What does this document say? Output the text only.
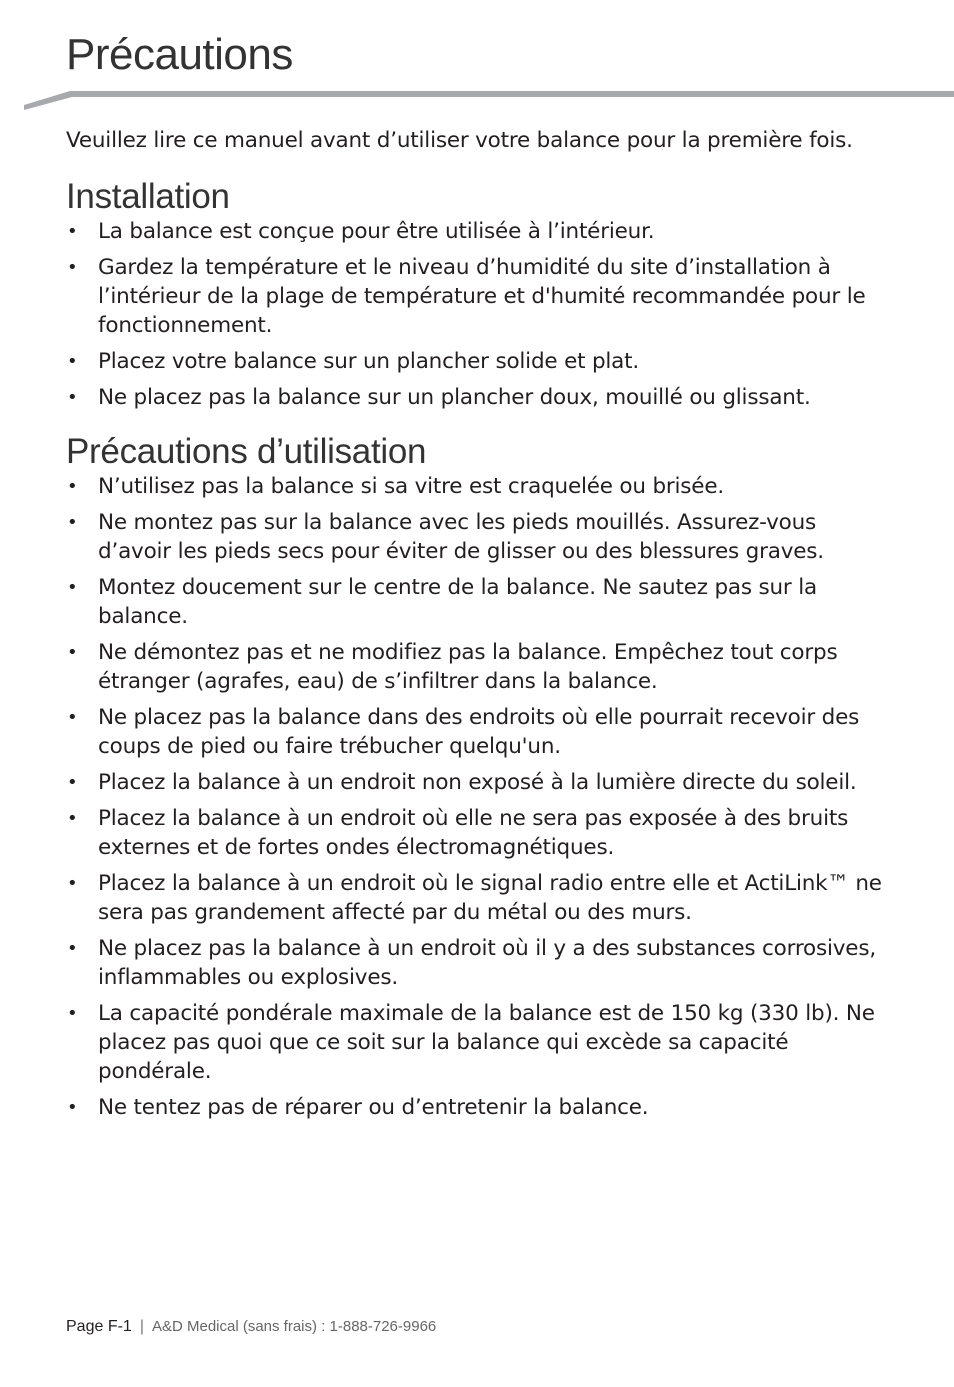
Précautions

Veuillez lire ce manuel avant d’utiliser votre balance pour la première fois.

Installation
• La balance est conçue pour être utilisée à l’intérieur.
• Gardez la température et le niveau d’humidité du site d’installation à l’intérieur de la plage de température et d'humité recommandée pour le fonctionnement.
• Placez votre balance sur un plancher solide et plat.
• Ne placez pas la balance sur un plancher doux, mouillé ou glissant.
Précautions d’utilisation
• N’utilisez pas la balance si sa vitre est craquelée ou brisée.
• Ne montez pas sur la balance avec les pieds mouillés. Assurez-vous d’avoir les pieds secs pour éviter de glisser ou des blessures graves.
• Montez doucement sur le centre de la balance. Ne sautez pas sur la balance.
• Ne démontez pas et ne modifiez pas la balance. Empêchez tout corps étranger (agrafes, eau) de s’infiltrer dans la balance.
• Ne placez pas la balance dans des endroits où elle pourrait recevoir des coups de pied ou faire trébucher quelqu'un.
• Placez la balance à un endroit non exposé à la lumière directe du soleil.
• Placez la balance à un endroit où elle ne sera pas exposée à des bruits externes et de fortes ondes électromagnétiques.
• Placez la balance à un endroit où le signal radio entre elle et ActiLink™ ne sera pas grandement affecté par du métal ou des murs.
• Ne placez pas la balance à un endroit où il y a des substances corrosives, inflammables ou explosives.
• La capacité pondérale maximale de la balance est de 150 kg (330 lb). Ne placez pas quoi que ce soit sur la balance qui excède sa capacité pondérale.
• Ne tentez pas de réparer ou d’entretenir la balance.
Page F-1 | A&D Medical (sans frais) : 1-888-726-9966
